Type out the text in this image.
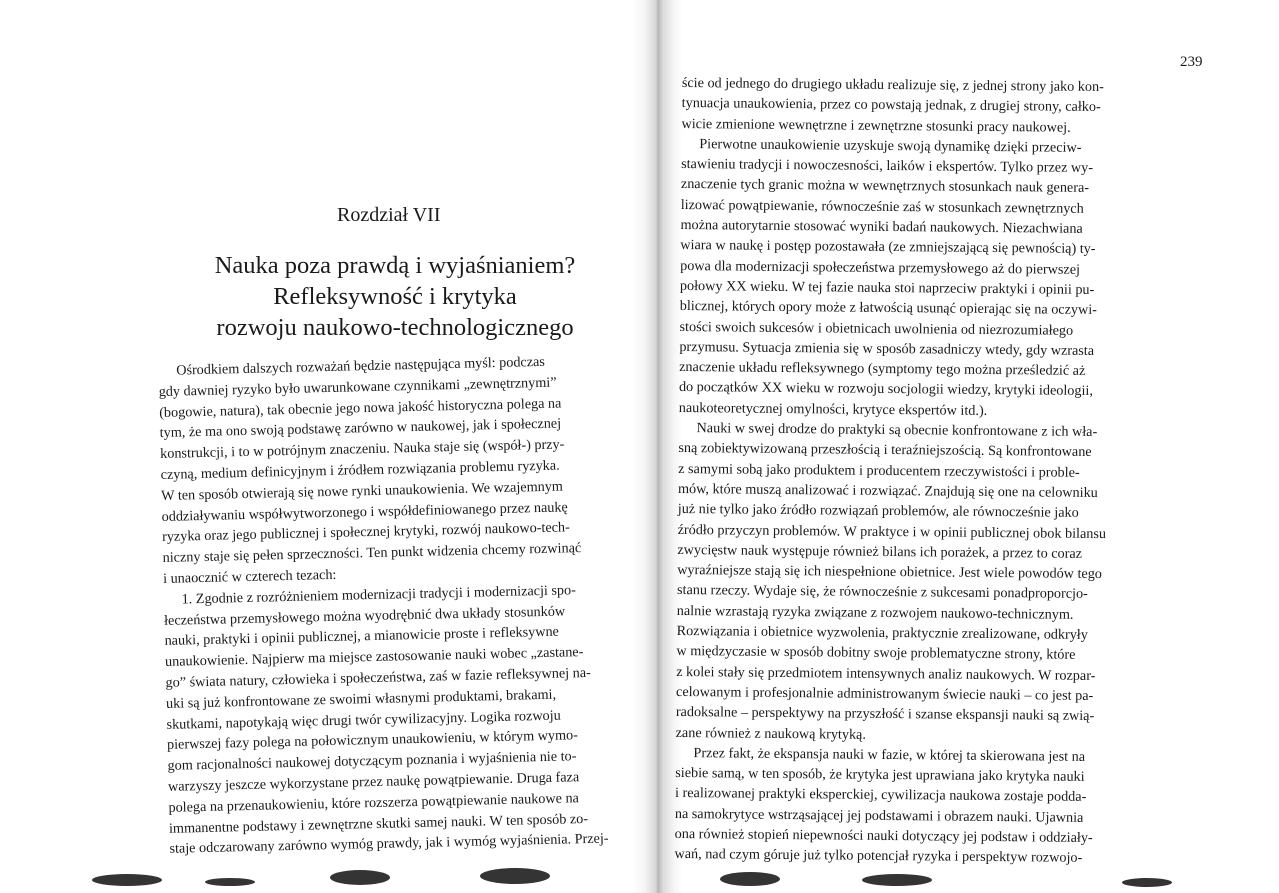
239
Rozdział VII
Nauka poza prawdą i wyjaśnianiem?
Refleksywność i krytyka
rozwoju naukowo-technologicznego

Ośrodkiem dalszych rozważań będzie następująca myśl: podczas
gdy dawniej ryzyko było uwarunkowane czynnikami „zewnętrznymi”
(bogowie, natura), tak obecnie jego nowa jakość historyczna polega na
tym, że ma ono swoją podstawę zarówno w naukowej, jak i społecznej
konstrukcji, i to w potrójnym znaczeniu. Nauka staje się (współ-) przy-
czyną, medium definicyjnym i źródłem rozwiązania problemu ryzyka.
W ten sposób otwierają się nowe rynki unaukowienia. We wzajemnym
oddziaływaniu współwytworzonego i współdefiniowanego przez naukę
ryzyka oraz jego publicznej i społecznej krytyki, rozwój naukowo-tech-
niczny staje się pełen sprzeczności. Ten punkt widzenia chcemy rozwinąć
i unaocznić w czterech tezach:

1. Zgodnie z rozróżnieniem modernizacji tradycji i modernizacji spo-
łeczeństwa przemysłowego można wyodrębnić dwa układy stosunków
nauki, praktyki i opinii publicznej, a mianowicie proste i refleksywne
unaukowienie. Najpierw ma miejsce zastosowanie nauki wobec „zastane-
go” świata natury, człowieka i społeczeństwa, zaś w fazie refleksywnej na-
uki są już konfrontowane ze swoimi własnymi produktami, brakami,
skutkami, napotykają więc drugi twór cywilizacyjny. Logika rozwoju
pierwszej fazy polega na połowicznym unaukowieniu, w którym wymo-
gom racjonalności naukowej dotyczącym poznania i wyjaśnienia nie to-
warzyszy jeszcze wykorzystane przez naukę powątpiewanie. Druga faza
polega na przenaukowieniu, które rozszerza powątpiewanie naukowe na
immanentne podstawy i zewnętrzne skutki samej nauki. W ten sposób zo-
staje odczarowany zarówno wymóg prawdy, jak i wymóg wyjaśnienia. Przej-

ście od jednego do drugiego układu realizuje się, z jednej strony jako kon-
tynuacja unaukowienia, przez co powstają jednak, z drugiej strony, całko-
wicie zmienione wewnętrzne i zewnętrzne stosunki pracy naukowej.

Pierwotne unaukowienie uzyskuje swoją dynamikę dzięki przeciw-
stawieniu tradycji i nowoczesności, laików i ekspertów. Tylko przez wy-
znaczenie tych granic można w wewnętrznych stosunkach nauk genera-
lizować powątpiewanie, równocześnie zaś w stosunkach zewnętrznych
można autorytarnie stosować wyniki badań naukowych. Niezachwiana
wiara w naukę i postęp pozostawała (ze zmniejszającą się pewnością) ty-
powa dla modernizacji społeczeństwa przemysłowego aż do pierwszej
połowy XX wieku. W tej fazie nauka stoi naprzeciw praktyki i opinii pu-
blicznej, których opory może z łatwością usunąć opierając się na oczywi-
stości swoich sukcesów i obietnicach uwolnienia od niezrozumiałego
przymusu. Sytuacja zmienia się w sposób zasadniczy wtedy, gdy wzrasta
znaczenie układu refleksywnego (symptomy tego można prześledzić aż
do początków XX wieku w rozwoju socjologii wiedzy, krytyki ideologii,
naukoteoretycznej omylności, krytyce ekspertów itd.).

Nauki w swej drodze do praktyki są obecnie konfrontowane z ich wła-
sną zobiektywizowaną przeszłością i teraźniejszością. Są konfrontowane
z samymi sobą jako produktem i producentem rzeczywistości i proble-
mów, które muszą analizować i rozwiązać. Znajdują się one na celowniku
już nie tylko jako źródło rozwiązań problemów, ale równocześnie jako
źródło przyczyn problemów. W praktyce i w opinii publicznej obok bilansu
zwycięstw nauk występuje również bilans ich porażek, a przez to coraz
wyraźniejsze stają się ich niespełnione obietnice. Jest wiele powodów tego
stanu rzeczy. Wydaje się, że równocześnie z sukcesami ponadproporcjo-
nalnie wzrastają ryzyka związane z rozwojem naukowo-technicznym.
Rozwiązania i obietnice wyzwolenia, praktycznie zrealizowane, odkryły
w międzyczasie w sposób dobitny swoje problematyczne strony, które
z kolei stały się przedmiotem intensywnych analiz naukowych. W rozpar-
celowanym i profesjonalnie administrowanym świecie nauki – co jest pa-
radoksalne – perspektywy na przyszłość i szanse ekspansji nauki są zwią-
zane również z naukową krytyką.

Przez fakt, że ekspansja nauki w fazie, w której ta skierowana jest na
siebie samą, w ten sposób, że krytyka jest uprawiana jako krytyka nauki
i realizowanej praktyki eksperckiej, cywilizacja naukowa zostaje podda-
na samokrytyce wstrząsającej jej podstawami i obrazem nauki. Ujawnia
ona również stopień niepewności nauki dotyczący jej podstaw i oddziały-
wań, nad czym góruje już tylko potencjał ryzyka i perspektyw rozwojo-
